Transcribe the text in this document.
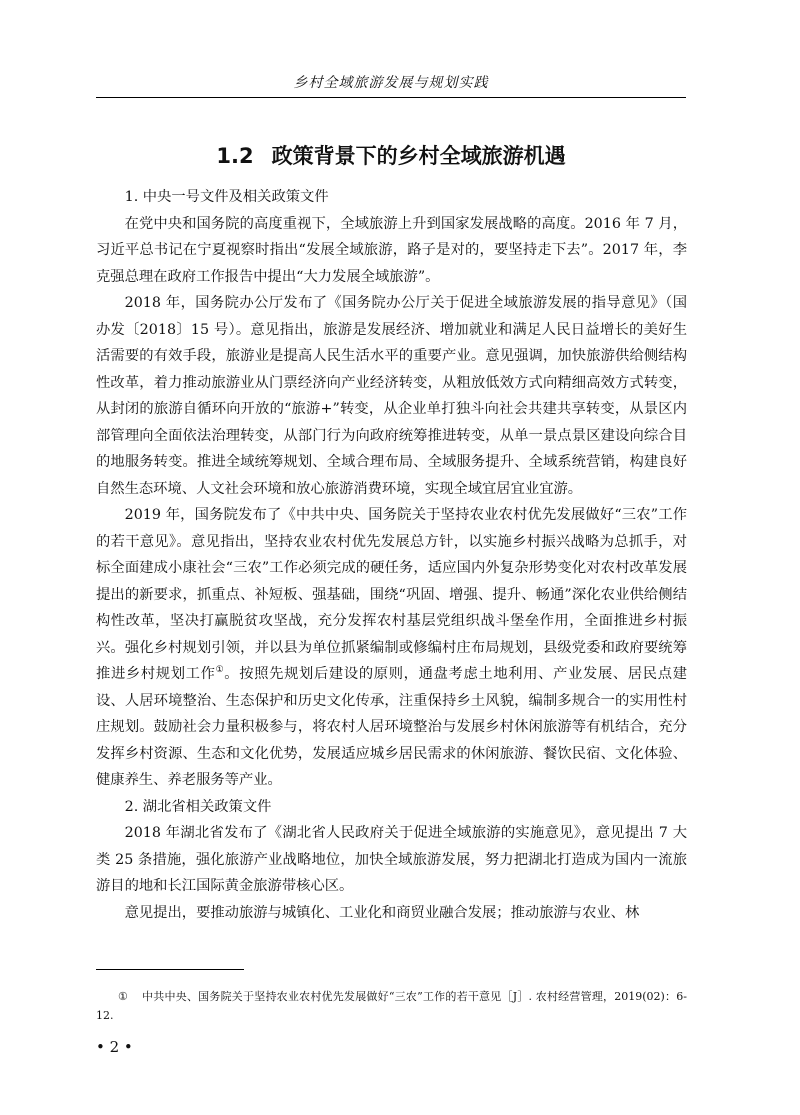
乡村全域旅游发展与规划实践
1.2 政策背景下的乡村全域旅游机遇

1. 中央一号文件及相关政策文件

在党中央和国务院的高度重视下，全域旅游上升到国家发展战略的高度。2016 年 7 月，习近平总书记在宁夏视察时指出“发展全域旅游，路子是对的，要坚持走下去”。2017 年，李克强总理在政府工作报告中提出“大力发展全域旅游”。

2018 年，国务院办公厅发布了《国务院办公厅关于促进全域旅游发展的指导意见》（国办发〔2018〕15 号）。意见指出，旅游是发展经济、增加就业和满足人民日益增长的美好生活需要的有效手段，旅游业是提高人民生活水平的重要产业。意见强调，加快旅游供给侧结构性改革，着力推动旅游业从门票经济向产业经济转变，从粗放低效方式向精细高效方式转变，从封闭的旅游自循环向开放的“旅游+”转变，从企业单打独斗向社会共建共享转变，从景区内部管理向全面依法治理转变，从部门行为向政府统筹推进转变，从单一景点景区建设向综合目的地服务转变。推进全域统筹规划、全域合理布局、全域服务提升、全域系统营销，构建良好自然生态环境、人文社会环境和放心旅游消费环境，实现全域宜居宜业宜游。

2019 年，国务院发布了《中共中央、国务院关于坚持农业农村优先发展做好“三农”工作的若干意见》。意见指出，坚持农业农村优先发展总方针，以实施乡村振兴战略为总抓手，对标全面建成小康社会“三农”工作必须完成的硬任务，适应国内外复杂形势变化对农村改革发展提出的新要求，抓重点、补短板、强基础，围绕“巩固、增强、提升、畅通”深化农业供给侧结构性改革，坚决打赢脱贫攻坚战，充分发挥农村基层党组织战斗堡垒作用，全面推进乡村振兴。强化乡村规划引领，并以县为单位抓紧编制或修编村庄布局规划，县级党委和政府要统筹推进乡村规划工作①。按照先规划后建设的原则，通盘考虑土地利用、产业发展、居民点建设、人居环境整治、生态保护和历史文化传承，注重保持乡土风貌，编制多规合一的实用性村庄规划。鼓励社会力量积极参与，将农村人居环境整治与发展乡村休闲旅游等有机结合，充分发挥乡村资源、生态和文化优势，发展适应城乡居民需求的休闲旅游、餐饮民宿、文化体验、健康养生、养老服务等产业。

2. 湖北省相关政策文件

2018 年湖北省发布了《湖北省人民政府关于促进全域旅游的实施意见》，意见提出 7 大类 25 条措施，强化旅游产业战略地位，加快全域旅游发展，努力把湖北打造成为国内一流旅游目的地和长江国际黄金旅游带核心区。

意见提出，要推动旅游与城镇化、工业化和商贸业融合发展；推动旅游与农业、林

① 中共中央、国务院关于坚持农业农村优先发展做好“三农”工作的若干意见［J］. 农村经营管理，2019(02)：6-12.
• 2 •
